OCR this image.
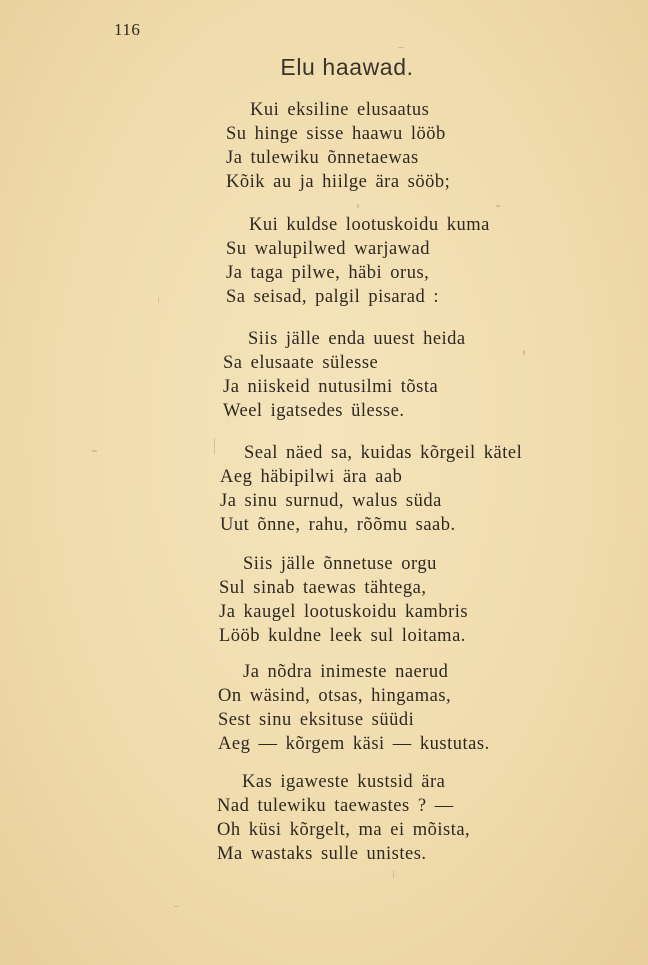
116
Elu haawad.
Kui eksiline elusaatus
Su hinge sisse haawu lööb
Ja tulewiku õnnetaewas
Kõik au ja hiilge ära sööb;
Kui kuldse lootuskoidu kuma
Su walupilwed warjawad
Ja taga pilwe, häbi orus,
Sa seisad, palgil pisarad :
Siis jälle enda uuest heida
Sa elusaate sülesse
Ja niiskeid nutusilmi tõsta
Weel igatsedes ülesse.
Seal näed sa, kuidas kõrgeil kätel
Aeg häbipilwi ära aab
Ja sinu surnud, walus süda
Uut õnne, rahu, rõõmu saab.
Siis jälle õnnetuse orgu
Sul sinab taewas tähtega,
Ja kaugel lootuskoidu kambris
Lööb kuldne leek sul loitama.
Ja nõdra inimeste naerud
On wäsind, otsas, hingamas,
Sest sinu eksituse süüdi
Aeg — kõrgem käsi — kustutas.
Kas igaweste kustsid ära
Nad tulewiku taewastes ? —
Oh küsi kõrgelt, ma ei mõista,
Ma wastaks sulle unistes.
